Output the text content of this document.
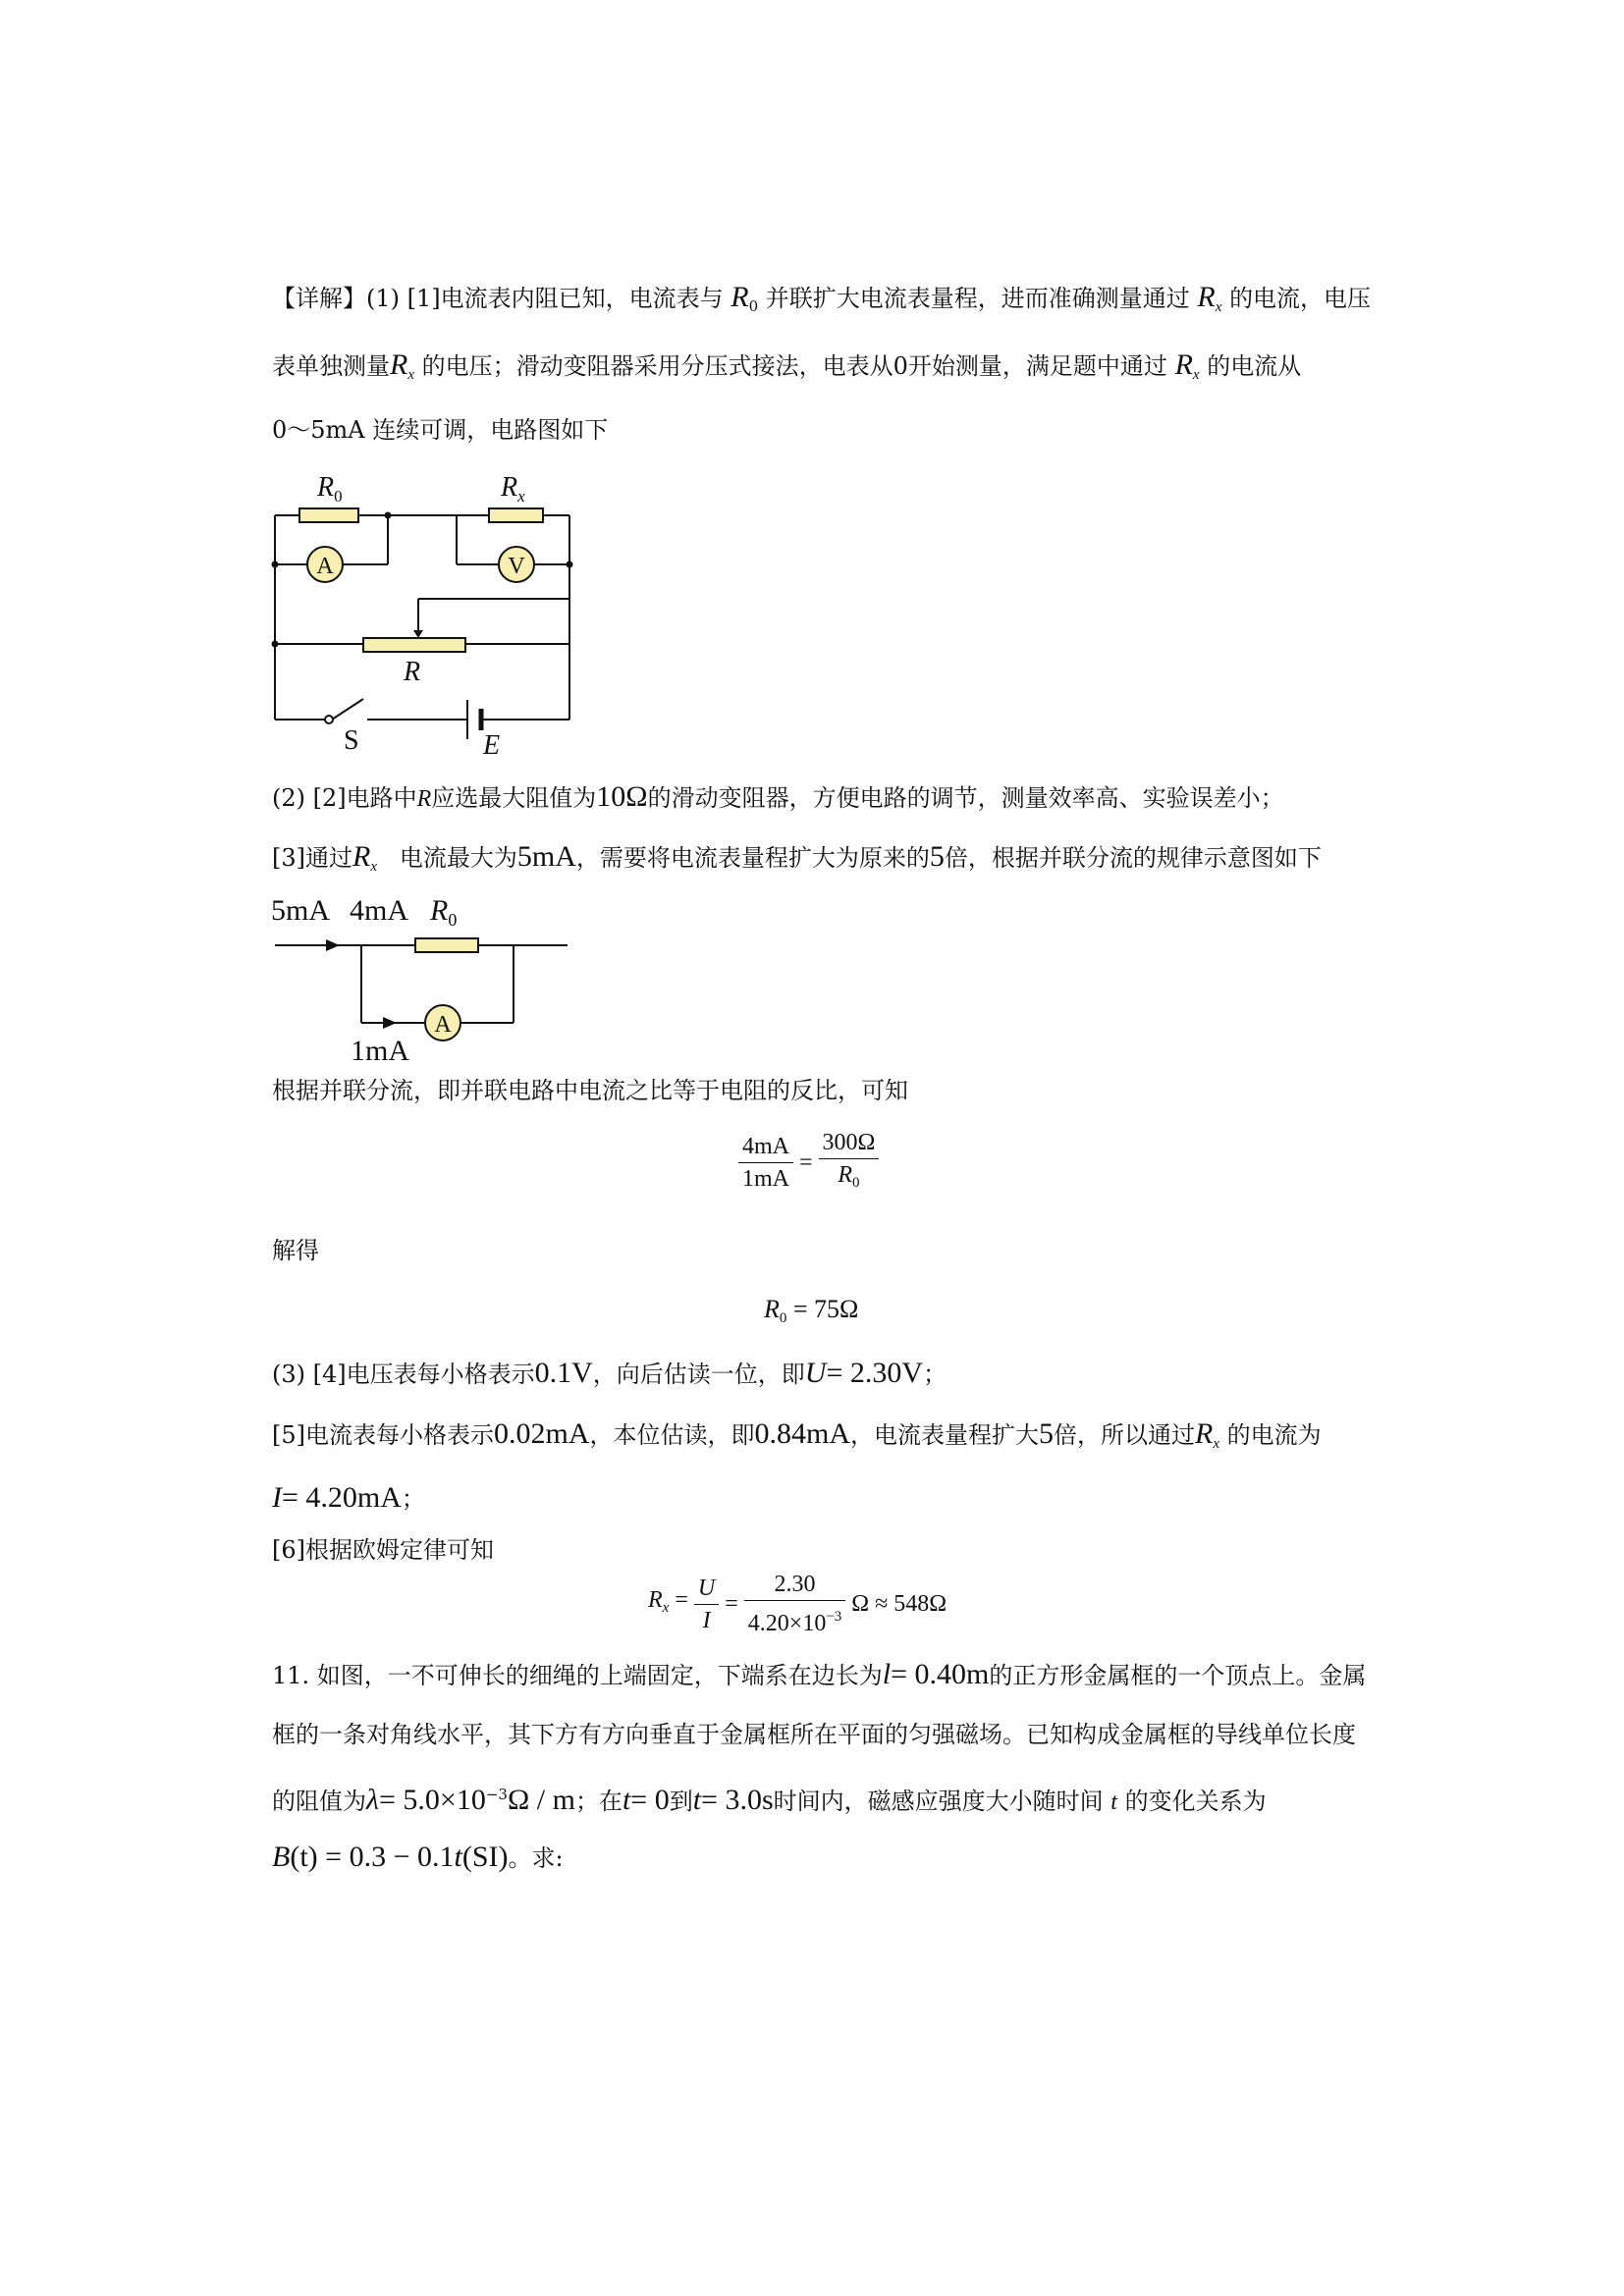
【详解】(1) [1]电流表内阻已知，电流表与 $R_0$ 并联扩大电流表量程，进而准确测量通过 $R_x$ 的电流，电压
表单独测量$R_x$ 的电压；滑动变阻器采用分压式接法，电表从0开始测量，满足题中通过 $R_x$ 的电流从
0～5mA 连续可调，电路图如下
$R_0$	$R_x$
A	V
R
S	E
(2) [2]电路中R应选最大阻值为10Ω的滑动变阻器，方便电路的调节，测量效率高、实验误差小；
[3]通过$R_x$ 电流最大为5mA，需要将电流表量程扩大为原来的5倍，根据并联分流的规律示意图如下
5mA 4mA $R_0$
A
1mA
根据并联分流，即并联电路中电流之比等于电阻的反比，可知
$\frac{4mA}{1mA} = \frac{300\Omega}{R_0}$
解得
$R_0 = 75\Omega$
(3) [4]电压表每小格表示0.1V，向后估读一位，即U= 2.30V；
[5]电流表每小格表示0.02mA，本位估读，即0.84mA，电流表量程扩大5倍，所以通过$R_x$ 的电流为
I= 4.20mA；
[6]根据欧姆定律可知
$R_x = \frac{U}{I} = \frac{2.30}{4.20\times 10^{-3}}$ Ω ≈ 548Ω
11. 如图，一不可伸长的细绳的上端固定，下端系在边长为l= 0.40m的正方形金属框的一个顶点上。金属
框的一条对角线水平，其下方有方向垂直于金属框所在平面的匀强磁场。已知构成金属框的导线单位长度
的阻值为$\lambda= 5.0\times 10^{-3}\Omega / m$；在t= 0到t= 3.0s时间内，磁感应强度大小随时间 t 的变化关系为
B(t) = 0.3 − 0.1t(SI)。求:
